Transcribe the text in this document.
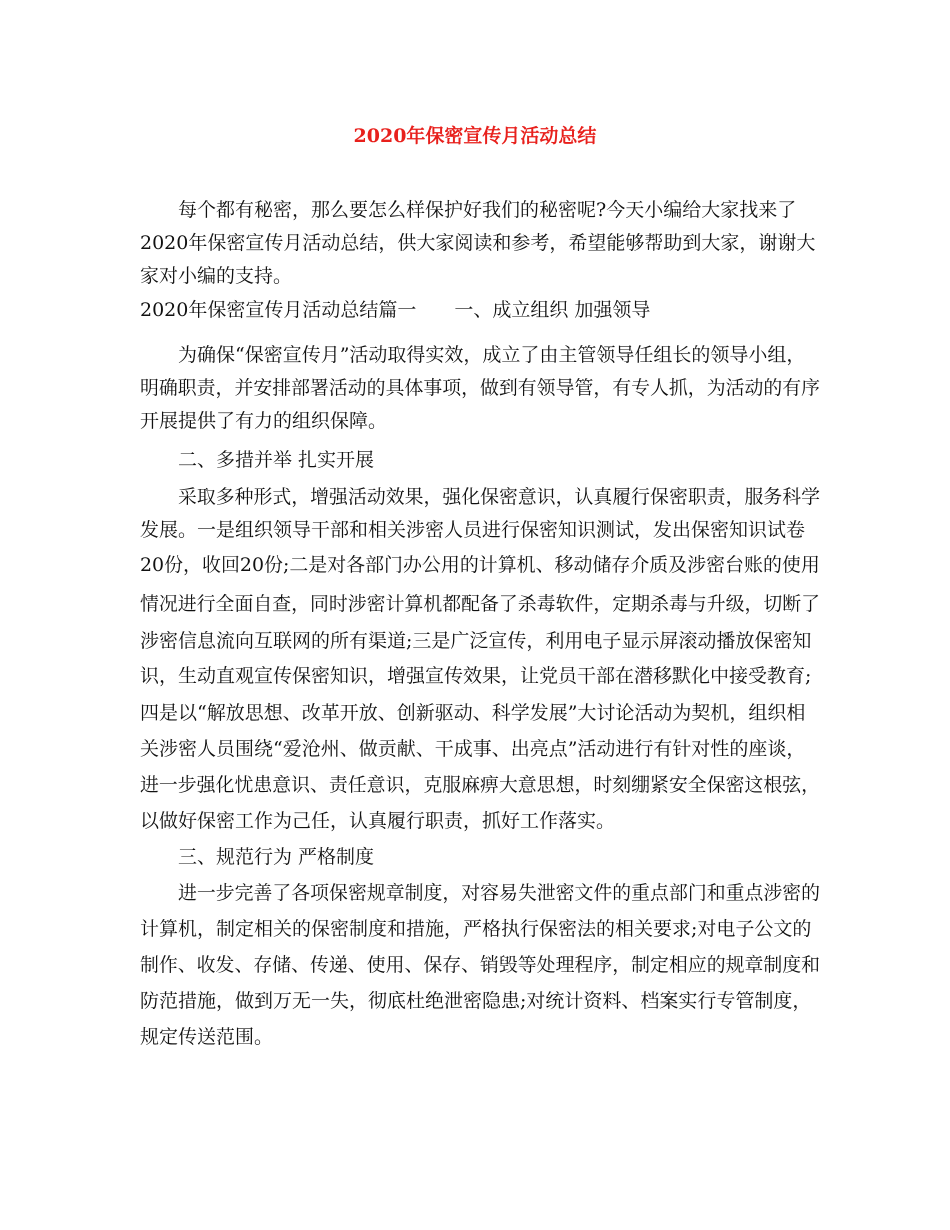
2020年保密宣传月活动总结
每个都有秘密，那么要怎么样保护好我们的秘密呢?今天小编给大家找来了
2020年保密宣传月活动总结，供大家阅读和参考，希望能够帮助到大家，谢谢大
家对小编的支持。
2020年保密宣传月活动总结篇一　　一、成立组织 加强领导
为确保“保密宣传月”活动取得实效，成立了由主管领导任组长的领导小组，
明确职责，并安排部署活动的具体事项，做到有领导管，有专人抓，为活动的有序
开展提供了有力的组织保障。
二、多措并举 扎实开展
采取多种形式，增强活动效果，强化保密意识，认真履行保密职责，服务科学
发展。一是组织领导干部和相关涉密人员进行保密知识测试，发出保密知识试卷
20份，收回20份;二是对各部门办公用的计算机、移动储存介质及涉密台账的使用
情况进行全面自查，同时涉密计算机都配备了杀毒软件，定期杀毒与升级，切断了
涉密信息流向互联网的所有渠道;三是广泛宣传，利用电子显示屏滚动播放保密知
识，生动直观宣传保密知识，增强宣传效果，让党员干部在潜移默化中接受教育;
四是以“解放思想、改革开放、创新驱动、科学发展”大讨论活动为契机，组织相
关涉密人员围绕“爱沧州、做贡献、干成事、出亮点”活动进行有针对性的座谈，
进一步强化忧患意识、责任意识，克服麻痹大意思想，时刻绷紧安全保密这根弦，
以做好保密工作为己任，认真履行职责，抓好工作落实。
三、规范行为 严格制度
进一步完善了各项保密规章制度，对容易失泄密文件的重点部门和重点涉密的
计算机，制定相关的保密制度和措施，严格执行保密法的相关要求;对电子公文的
制作、收发、存储、传递、使用、保存、销毁等处理程序，制定相应的规章制度和
防范措施，做到万无一失，彻底杜绝泄密隐患;对统计资料、档案实行专管制度，
规定传送范围。
